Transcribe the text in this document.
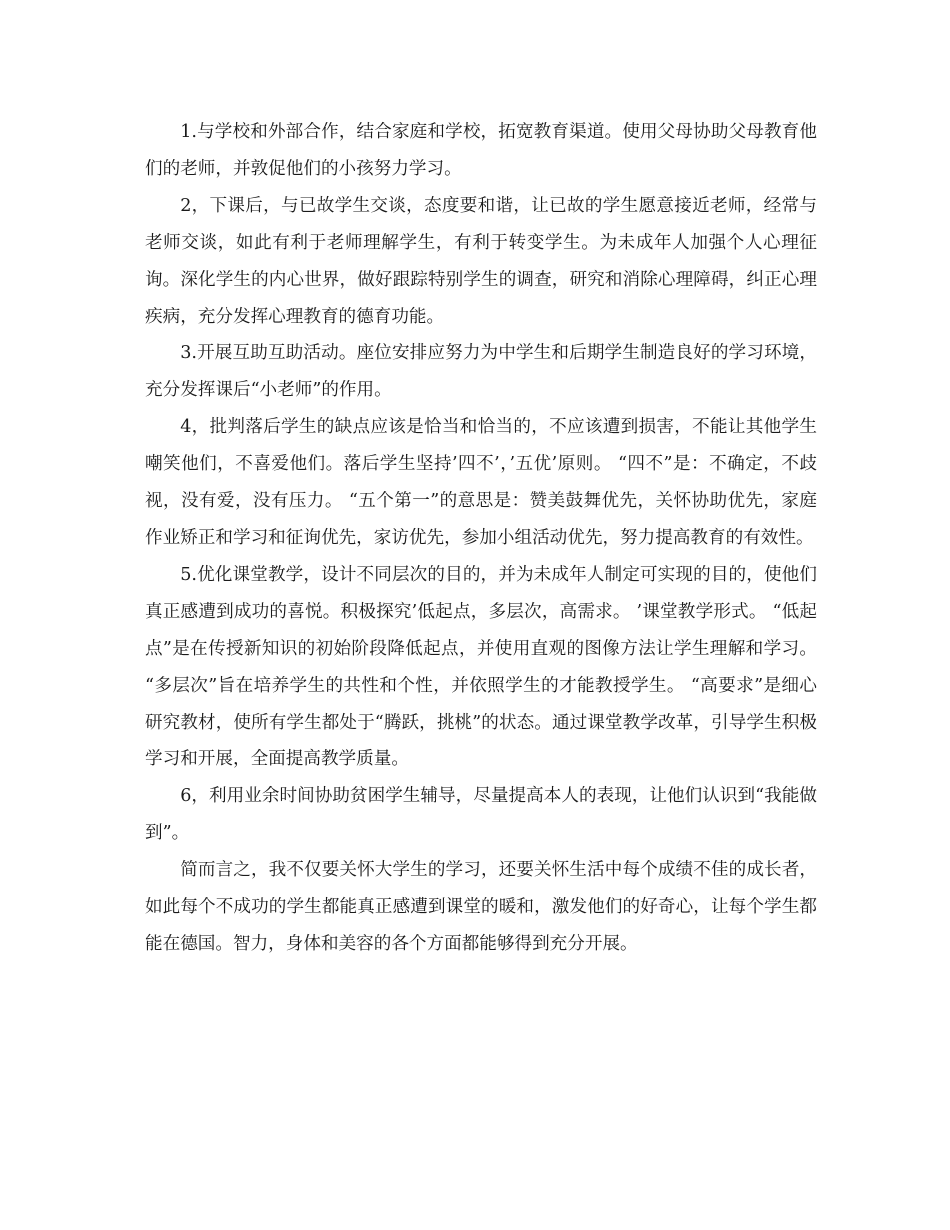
1.与学校和外部合作，结合家庭和学校，拓宽教育渠道。使用父母协助父母教育他们的老师，并敦促他们的小孩努力学习。

2，下课后，与已故学生交谈，态度要和谐，让已故的学生愿意接近老师，经常与老师交谈，如此有利于老师理解学生，有利于转变学生。为未成年人加强个人心理征询。深化学生的内心世界，做好跟踪特别学生的调查，研究和消除心理障碍，纠正心理疾病，充分发挥心理教育的德育功能。

3.开展互助互助活动。座位安排应努力为中学生和后期学生制造良好的学习环境，充分发挥课后“小老师”的作用。

4，批判落后学生的缺点应该是恰当和恰当的，不应该遭到损害，不能让其他学生嘲笑他们，不喜爱他们。落后学生坚持’四不’，’五优’原则。 “四不”是：不确定，不歧视，没有爱，没有压力。 “五个第一”的意思是：赞美鼓舞优先，关怀协助优先，家庭作业矫正和学习和征询优先，家访优先，参加小组活动优先，努力提高教育的有效性。

5.优化课堂教学，设计不同层次的目的，并为未成年人制定可实现的目的，使他们真正感遭到成功的喜悦。积极探究’低起点，多层次，高需求。 ’课堂教学形式。 “低起点”是在传授新知识的初始阶段降低起点，并使用直观的图像方法让学生理解和学习。 “多层次”旨在培养学生的共性和个性，并依照学生的才能教授学生。 “高要求”是细心研究教材，使所有学生都处于“腾跃，挑桃”的状态。通过课堂教学改革，引导学生积极学习和开展，全面提高教学质量。

6，利用业余时间协助贫困学生辅导，尽量提高本人的表现，让他们认识到“我能做到”。

简而言之，我不仅要关怀大学生的学习，还要关怀生活中每个成绩不佳的成长者，如此每个不成功的学生都能真正感遭到课堂的暖和，激发他们的好奇心，让每个学生都能在德国。智力，身体和美容的各个方面都能够得到充分开展。
